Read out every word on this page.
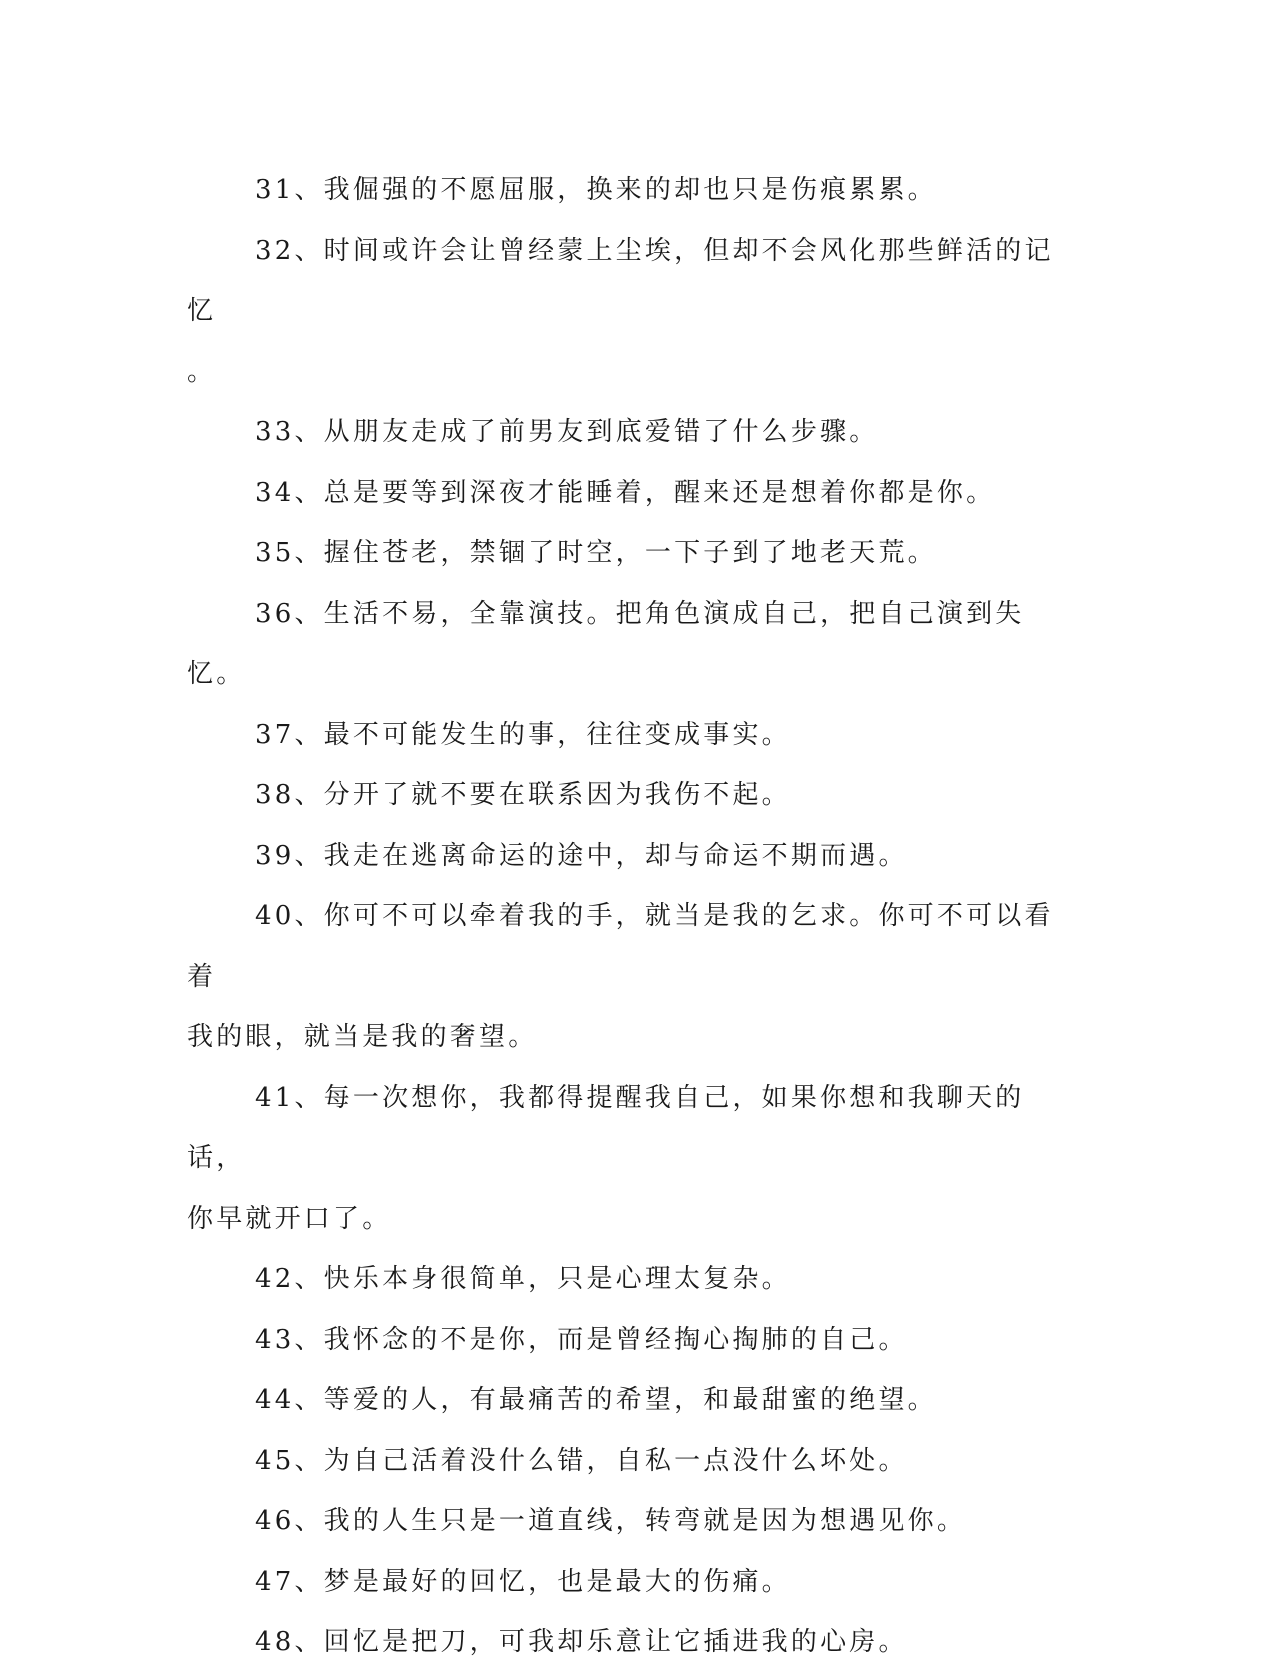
31、我倔强的不愿屈服，换来的却也只是伤痕累累。

32、时间或许会让曾经蒙上尘埃，但却不会风化那些鲜活的记忆
。

33、从朋友走成了前男友到底爱错了什么步骤。

34、总是要等到深夜才能睡着，醒来还是想着你都是你。

35、握住苍老，禁锢了时空，一下子到了地老天荒。

36、生活不易，全靠演技。把角色演成自己，把自己演到失忆。

37、最不可能发生的事，往往变成事实。

38、分开了就不要在联系因为我伤不起。

39、我走在逃离命运的途中，却与命运不期而遇。

40、你可不可以牵着我的手，就当是我的乞求。你可不可以看着
我的眼，就当是我的奢望。

41、每一次想你，我都得提醒我自己，如果你想和我聊天的话，
你早就开口了。

42、快乐本身很简单，只是心理太复杂。

43、我怀念的不是你，而是曾经掏心掏肺的自己。

44、等爱的人，有最痛苦的希望，和最甜蜜的绝望。

45、为自己活着没什么错，自私一点没什么坏处。

46、我的人生只是一道直线，转弯就是因为想遇见你。

47、梦是最好的回忆，也是最大的伤痛。

48、回忆是把刀，可我却乐意让它插进我的心房。
